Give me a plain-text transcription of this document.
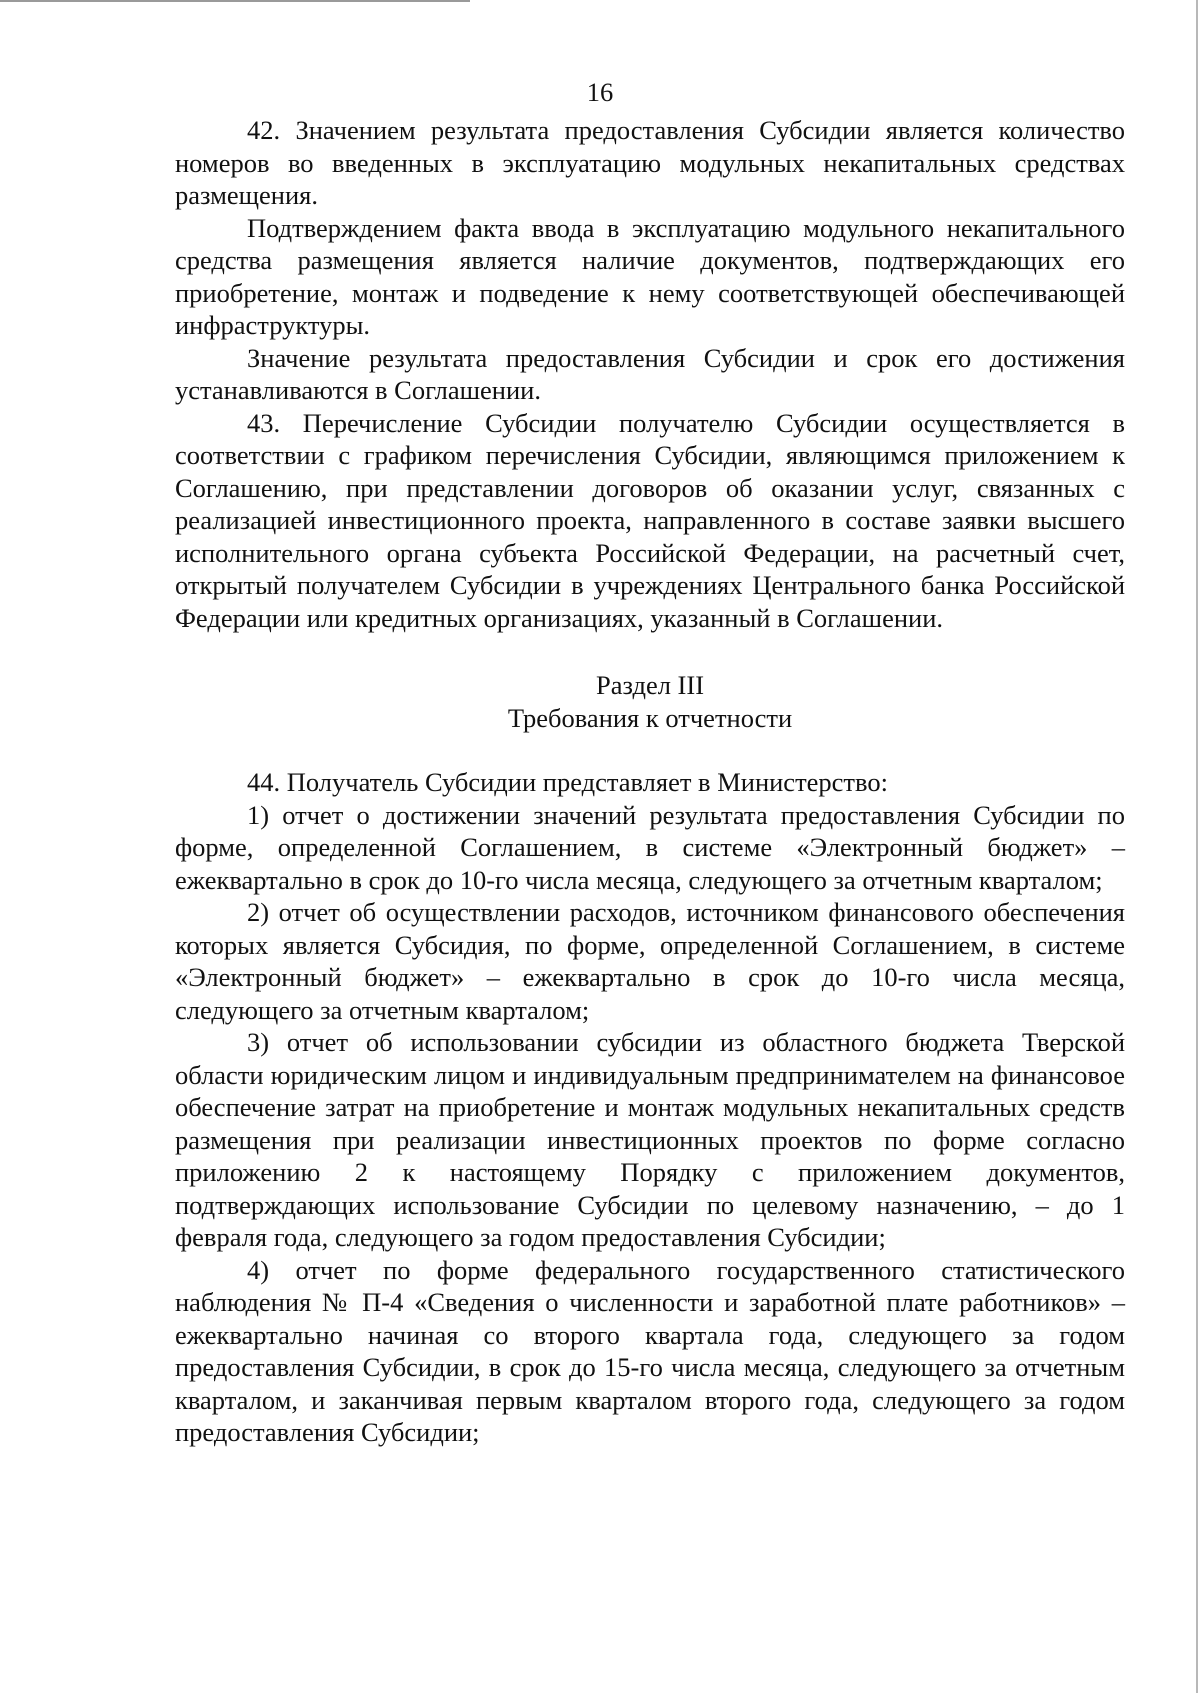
16

42. Значением результата предоставления Субсидии является количество номеров во введенных в эксплуатацию модульных некапитальных средствах размещения.

Подтверждением факта ввода в эксплуатацию модульного некапитального средства размещения является наличие документов, подтверждающих его приобретение, монтаж и подведение к нему соответствующей обеспечивающей инфраструктуры.

Значение результата предоставления Субсидии и срок его достижения устанавливаются в Соглашении.

43. Перечисление Субсидии получателю Субсидии осуществляется в соответствии с графиком перечисления Субсидии, являющимся приложением к Соглашению, при представлении договоров об оказании услуг, связанных с реализацией инвестиционного проекта, направленного в составе заявки высшего исполнительного органа субъекта Российской Федерации, на расчетный счет, открытый получателем Субсидии в учреждениях Центрального банка Российской Федерации или кредитных организациях, указанный в Соглашении.

Раздел III

Требования к отчетности

44. Получатель Субсидии представляет в Министерство:

1) отчет о достижении значений результата предоставления Субсидии по форме, определенной Соглашением, в системе «Электронный бюджет» – ежеквартально в срок до 10-го числа месяца, следующего за отчетным кварталом;

2) отчет об осуществлении расходов, источником финансового обеспечения которых является Субсидия, по форме, определенной Соглашением, в системе «Электронный бюджет» – ежеквартально в срок до 10-го числа месяца, следующего за отчетным кварталом;

3) отчет об использовании субсидии из областного бюджета Тверской области юридическим лицом и индивидуальным предпринимателем на финансовое обеспечение затрат на приобретение и монтаж модульных некапитальных средств размещения при реализации инвестиционных проектов по форме согласно приложению 2 к настоящему Порядку с приложением документов, подтверждающих использование Субсидии по целевому назначению, – до 1 февраля года, следующего за годом предоставления Субсидии;

4) отчет по форме федерального государственного статистического наблюдения № П-4 «Сведения о численности и заработной плате работников» – ежеквартально начиная со второго квартала года, следующего за годом предоставления Субсидии, в срок до 15-го числа месяца, следующего за отчетным кварталом, и заканчивая первым кварталом второго года, следующего за годом предоставления Субсидии;
